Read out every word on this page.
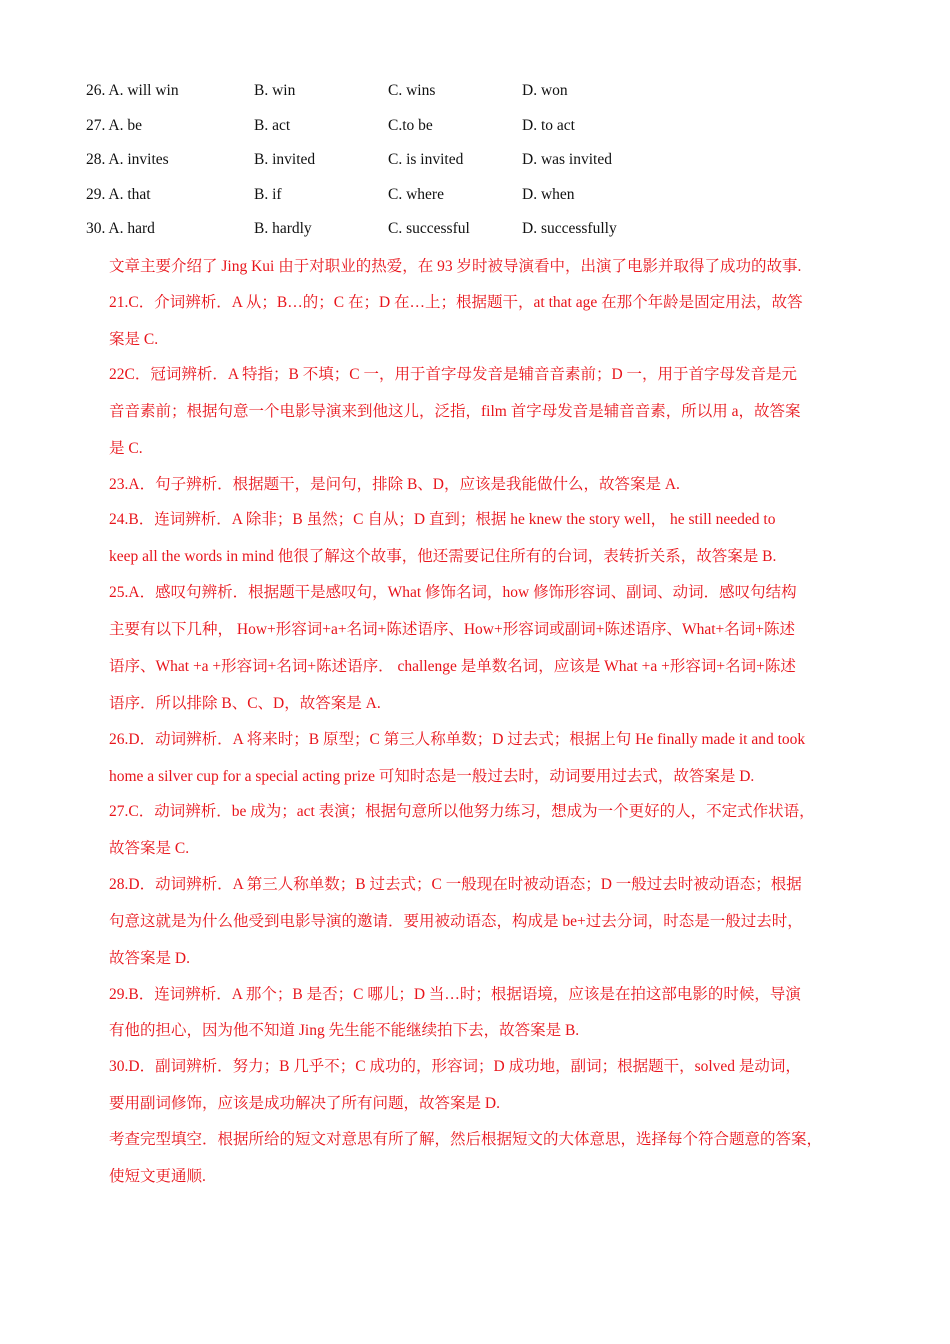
26. A. will win	B. win	C. wins	D. won
27. A. be	B. act	C.to be	D. to act
28. A. invites	B. invited	C. is invited	D. was invited
29. A. that	B. if	C. where	D. when
30. A. hard	B. hardly	C. successful	D. successfully
文章主要介绍了 Jing Kui 由于对职业的热爱，在 93 岁时被导演看中，出演了电影并取得了成功的故事.
21.C．介词辨析．A 从；B…的；C 在；D 在…上；根据题干，at that age 在那个年龄是固定用法，故答
案是 C.
22C．冠词辨析．A 特指；B 不填；C 一，用于首字母发音是辅音音素前；D 一，用于首字母发音是元
音音素前；根据句意一个电影导演来到他这儿，泛指，film 首字母发音是辅音音素，所以用 a，故答案
是 C.
23.A．句子辨析．根据题干，是问句，排除 B、D，应该是我能做什么，故答案是 A.
24.B．连词辨析．A 除非；B 虽然；C 自从；D 直到；根据 he knew the story well， he still needed to
keep all the words in mind 他很了解这个故事，他还需要记住所有的台词，表转折关系，故答案是 B.
25.A．感叹句辨析．根据题干是感叹句，What 修饰名词，how 修饰形容词、副词、动词．感叹句结构
主要有以下几种， How+形容词+a+名词+陈述语序、How+形容词或副词+陈述语序、What+名词+陈述
语序、What +a +形容词+名词+陈述语序． challenge 是单数名词，应该是 What +a +形容词+名词+陈述
语序．所以排除 B、C、D，故答案是 A.
26.D．动词辨析．A 将来时；B 原型；C 第三人称单数；D 过去式；根据上句 He finally made it and took
home a silver cup for a special acting prize 可知时态是一般过去时，动词要用过去式，故答案是 D.
27.C．动词辨析．be 成为；act 表演；根据句意所以他努力练习，想成为一个更好的人，不定式作状语，
故答案是 C.
28.D．动词辨析．A 第三人称单数；B 过去式；C 一般现在时被动语态；D 一般过去时被动语态；根据
句意这就是为什么他受到电影导演的邀请．要用被动语态，构成是 be+过去分词，时态是一般过去时，
故答案是 D.
29.B．连词辨析．A 那个；B 是否；C 哪儿；D 当…时；根据语境，应该是在拍这部电影的时候，导演
有他的担心，因为他不知道 Jing 先生能不能继续拍下去，故答案是 B.
30.D．副词辨析．努力；B 几乎不；C 成功的，形容词；D 成功地，副词；根据题干，solved 是动词，
要用副词修饰，应该是成功解决了所有问题，故答案是 D.
考查完型填空．根据所给的短文对意思有所了解，然后根据短文的大体意思，选择每个符合题意的答案，
使短文更通顺.
